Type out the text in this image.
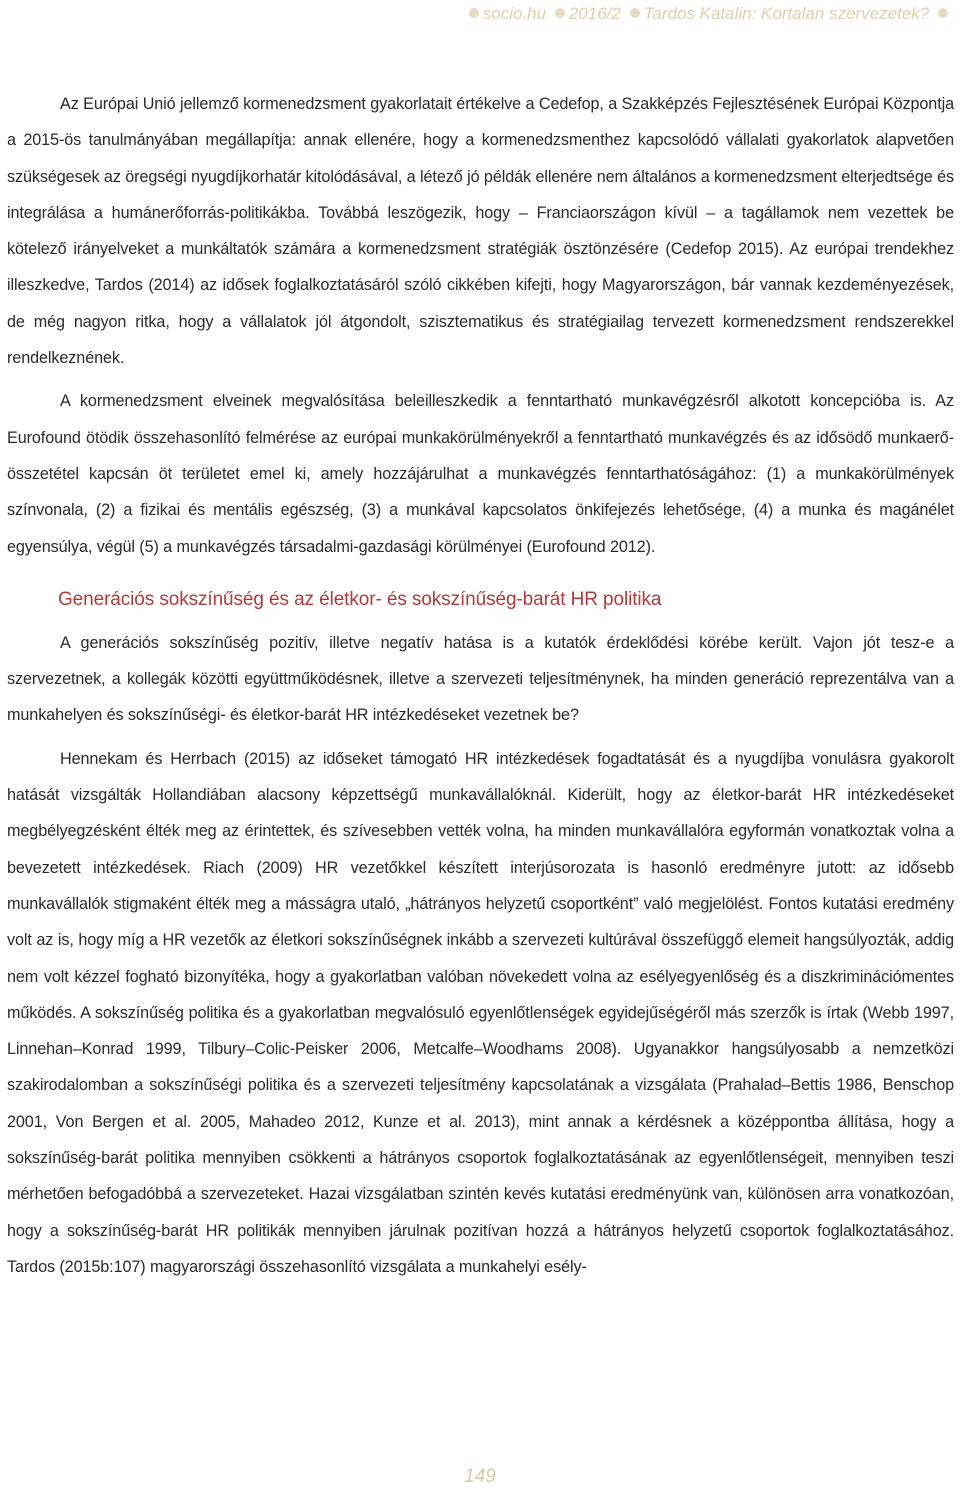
socio.hu 2016/2 Tardos Katalin: Kortalan szervezetek?

Az Európai Unió jellemző kormenedzsment gyakorlatait értékelve a Cedefop, a Szakképzés Fejlesztésének Európai Központja a 2015-ös tanulmányában megállapítja: annak ellenére, hogy a kormenedzsmenthez kapcsolódó vállalati gyakorlatok alapvetően szükségesek az öregségi nyugdíjkorhatár kitolódásával, a létező jó példák ellenére nem általános a kormenedzsment elterjedtsége és integrálása a humánerőforrás-politikákba. Továbbá leszögezik, hogy – Franciaországon kívül – a tagállamok nem vezettek be kötelező irányelveket a munkáltatók számára a kormenedzsment stratégiák ösztönzésére (Cedefop 2015). Az európai trendekhez illeszkedve, Tardos (2014) az idősek foglalkoztatásáról szóló cikkében kifejti, hogy Magyarországon, bár vannak kezdeményezések, de még nagyon ritka, hogy a vállalatok jól átgondolt, szisztematikus és stratégiailag tervezett kormenedzsment rendszerekkel rendelkeznének.

A kormenedzsment elveinek megvalósítása beleilleszkedik a fenntartható munkavégzésről alkotott koncepcióba is. Az Eurofound ötödik összehasonlító felmérése az európai munkakörülményekről a fenntartható munkavégzés és az idősödő munkaerő-összetétel kapcsán öt területet emel ki, amely hozzájárulhat a munkavégzés fenntarthatóságához: (1) a munkakörülmények színvonala, (2) a fizikai és mentális egészség, (3) a munkával kapcsolatos önkifejezés lehetősége, (4) a munka és magánélet egyensúlya, végül (5) a munkavégzés társadalmi-gazdasági körülményei (Eurofound 2012).

Generációs sokszínűség és az életkor- és sokszínűség-barát HR politika

A generációs sokszínűség pozitív, illetve negatív hatása is a kutatók érdeklődési körébe került. Vajon jót tesz-e a szervezetnek, a kollegák közötti együttműködésnek, illetve a szervezeti teljesítménynek, ha minden generáció reprezentálva van a munkahelyen és sokszínűségi- és életkor-barát HR intézkedéseket vezetnek be?

Hennekam és Herrbach (2015) az időseket támogató HR intézkedések fogadtatását és a nyugdíjba vonulásra gyakorolt hatását vizsgálták Hollandiában alacsony képzettségű munkavállalóknál. Kiderült, hogy az életkor-barát HR intézkedéseket megbélyegzésként élték meg az érintettek, és szívesebben vették volna, ha minden munkavállalóra egyformán vonatkoztak volna a bevezetett intézkedések. Riach (2009) HR vezetőkkel készített interjúsorozata is hasonló eredményre jutott: az idősebb munkavállalók stigmaként élték meg a másságra utaló, „hátrányos helyzetű csoportként” való megjelölést. Fontos kutatási eredmény volt az is, hogy míg a HR vezetők az életkori sokszínűségnek inkább a szervezeti kultúrával összefüggő elemeit hangsúlyozták, addig nem volt kézzel fogható bizonyítéka, hogy a gyakorlatban valóban növekedett volna az esélyegyenlőség és a diszkriminációmentes működés. A sokszínűség politika és a gyakorlatban megvalósuló egyenlőtlenségek egyidejűségéről más szerzők is írtak (Webb 1997, Linnehan–Konrad 1999, Tilbury–Colic-Peisker 2006, Metcalfe–Woodhams 2008). Ugyanakkor hangsúlyosabb a nemzetközi szakirodalomban a sokszínűségi politika és a szervezeti teljesítmény kapcsolatának a vizsgálata (Prahalad–Bettis 1986, Benschop 2001, Von Bergen et al. 2005, Mahadeo 2012, Kunze et al. 2013), mint annak a kérdésnek a középpontba állítása, hogy a sokszínűség-barát politika mennyiben csökkenti a hátrányos csoportok foglalkoztatásának az egyenlőtlenségeit, mennyiben teszi mérhetően befogadóbbá a szervezeteket. Hazai vizsgálatban szintén kevés kutatási eredményünk van, különösen arra vonatkozóan, hogy a sokszínűség-barát HR politikák mennyiben járulnak pozitívan hozzá a hátrányos helyzetű csoportok foglalkoztatásához. Tardos (2015b:107) magyarországi összehasonlító vizsgálata a munkahelyi esély-

149
